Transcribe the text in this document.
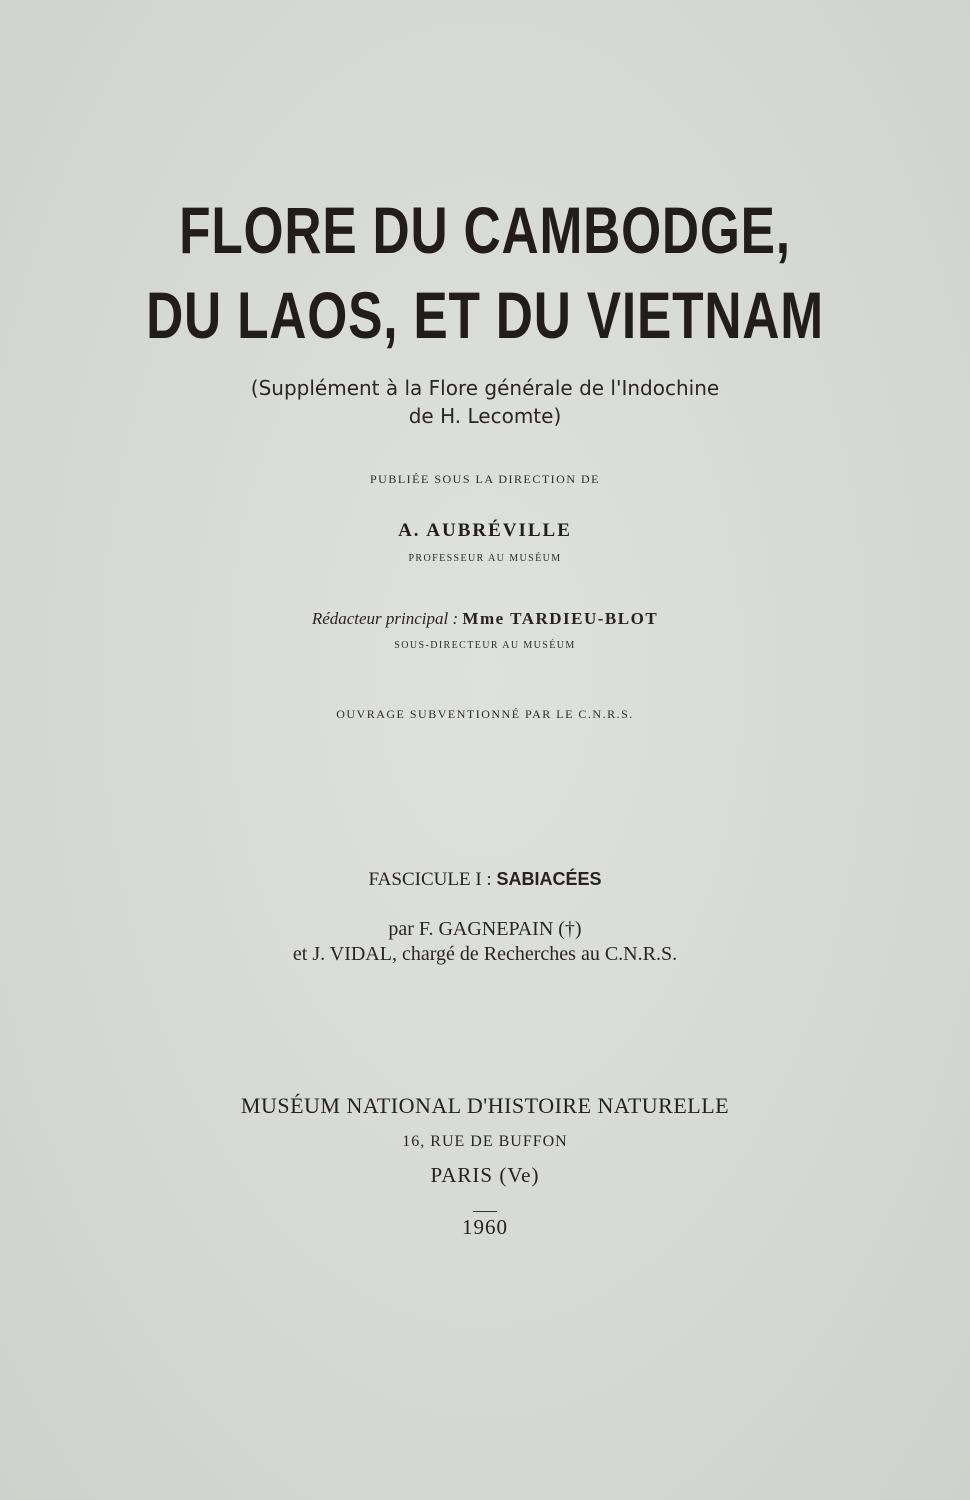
FLORE DU CAMBODGE,
DU LAOS, ET DU VIETNAM
(Supplément à la Flore générale de l'Indochine
de H. Lecomte)
PUBLIÉE SOUS LA DIRECTION DE
A. AUBRÉVILLE
PROFESSEUR AU MUSÉUM
Rédacteur principal : Mme TARDIEU-BLOT
SOUS-DIRECTEUR AU MUSÉUM
OUVRAGE SUBVENTIONNÉ PAR LE C.N.R.S.
FASCICULE I : SABIACÉES
par F. GAGNEPAIN (†)
et J. VIDAL, chargé de Recherches au C.N.R.S.
MUSÉUM NATIONAL D'HISTOIRE NATURELLE
16, RUE DE BUFFON
PARIS (Ve)
1960
